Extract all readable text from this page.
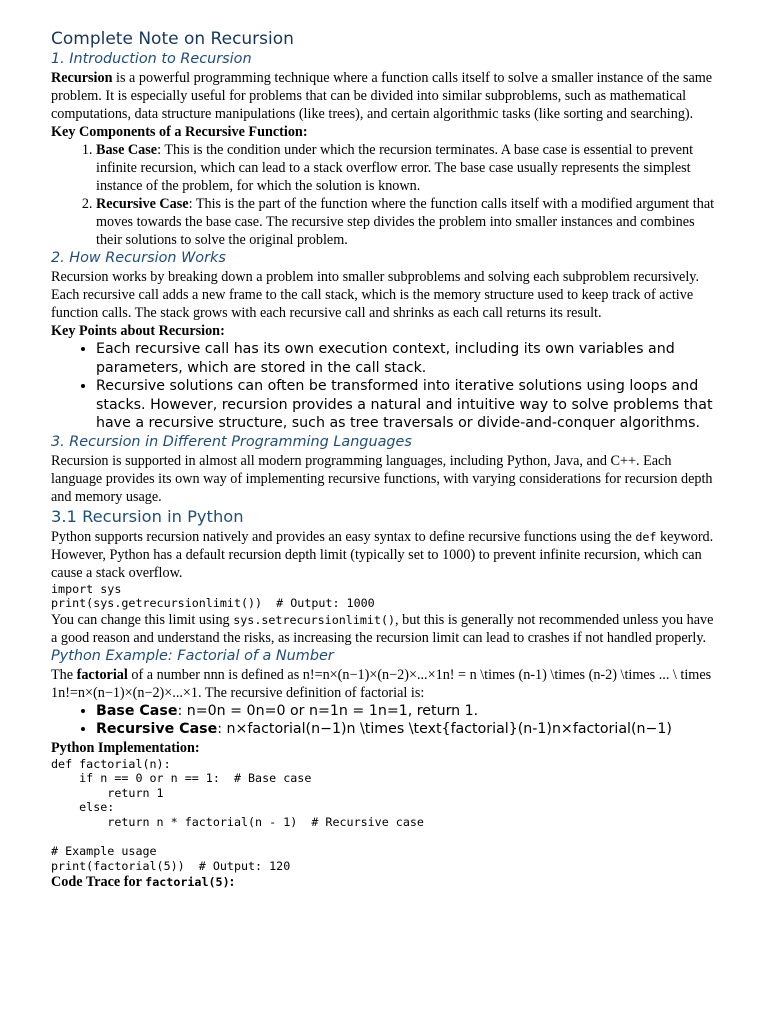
Complete Note on Recursion
1. Introduction to Recursion

Recursion is a powerful programming technique where a function calls itself to solve a smaller instance of the same problem. It is especially useful for problems that can be divided into similar subproblems, such as mathematical computations, data structure manipulations (like trees), and certain algorithmic tasks (like sorting and searching).

Key Components of a Recursive Function:

1. Base Case: This is the condition under which the recursion terminates. A base case is essential to prevent infinite recursion, which can lead to a stack overflow error. The base case usually represents the simplest instance of the problem, for which the solution is known.
2. Recursive Case: This is the part of the function where the function calls itself with a modified argument that moves towards the base case. The recursive step divides the problem into smaller instances and combines their solutions to solve the original problem.
2. How Recursion Works

Recursion works by breaking down a problem into smaller subproblems and solving each subproblem recursively. Each recursive call adds a new frame to the call stack, which is the memory structure used to keep track of active function calls. The stack grows with each recursive call and shrinks as each call returns its result.

Key Points about Recursion:

• Each recursive call has its own execution context, including its own variables and parameters, which are stored in the call stack.
• Recursive solutions can often be transformed into iterative solutions using loops and stacks. However, recursion provides a natural and intuitive way to solve problems that have a recursive structure, such as tree traversals or divide-and-conquer algorithms.
3. Recursion in Different Programming Languages

Recursion is supported in almost all modern programming languages, including Python, Java, and C++. Each language provides its own way of implementing recursive functions, with varying considerations for recursion depth and memory usage.

3.1 Recursion in Python

Python supports recursion natively and provides an easy syntax to define recursive functions using the def keyword. However, Python has a default recursion depth limit (typically set to 1000) to prevent infinite recursion, which can cause a stack overflow.

import sys
print(sys.getrecursionlimit())  # Output: 1000

You can change this limit using sys.setrecursionlimit(), but this is generally not recommended unless you have a good reason and understand the risks, as increasing the recursion limit can lead to crashes if not handled properly.

Python Example: Factorial of a Number

The factorial of a number nnn is defined as n!=n×(n−1)×(n−2)×...×1n! = n \times (n-1) \times (n-2) \times ... \ times 1n!=n×(n−1)×(n−2)×...×1. The recursive definition of factorial is:

• Base Case: n=0n = 0n=0 or n=1n = 1n=1, return 1.
• Recursive Case: n×factorial(n−1)n \times \text{factorial}(n-1)n×factorial(n−1)

Python Implementation:

def factorial(n):
if n == 0 or n == 1:  # Base case
return 1
else:
return n * factorial(n - 1)  # Recursive case

# Example usage
print(factorial(5))  # Output: 120

Code Trace for factorial(5):
